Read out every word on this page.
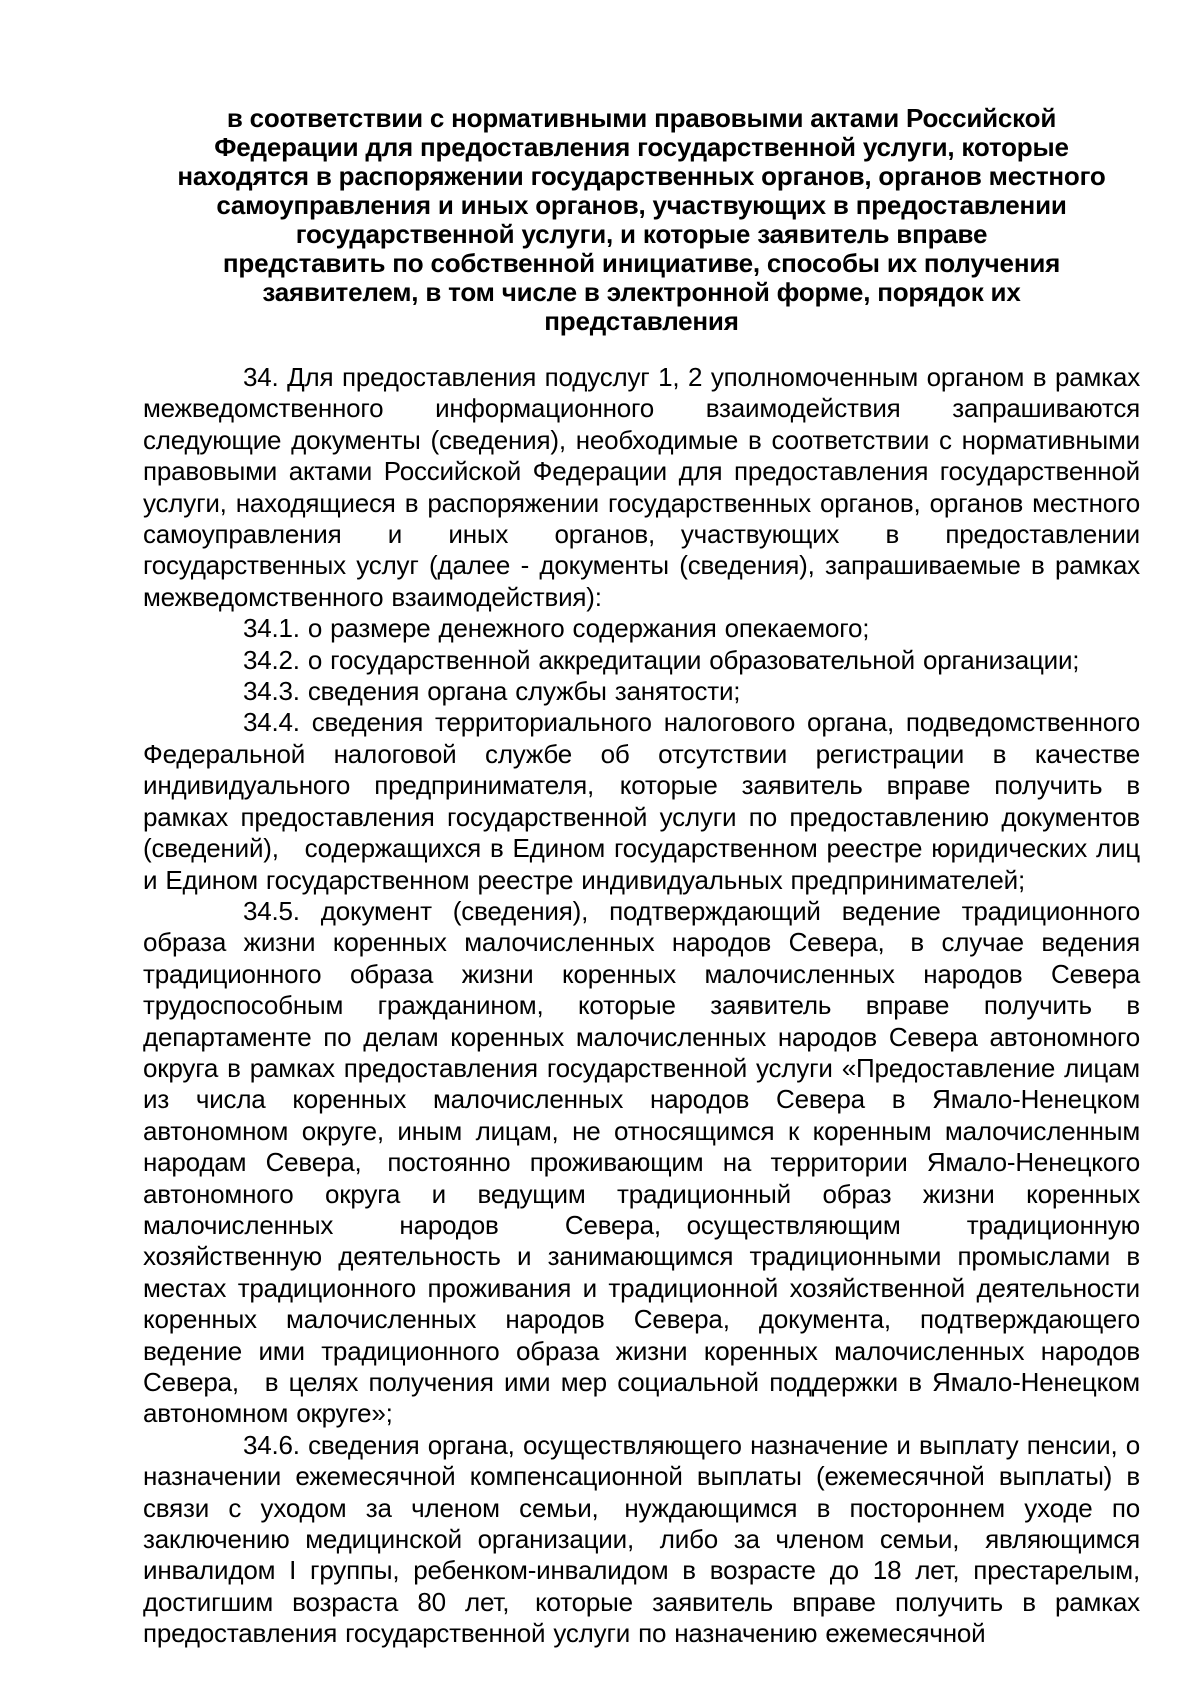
в соответствии с нормативными правовыми актами Российской
Федерации для предоставления государственной услуги, которые
находятся в распоряжении государственных органов, органов местного
самоуправления и иных органов, участвующих в предоставлении
государственной услуги, и которые заявитель вправе
представить по собственной инициативе, способы их получения
заявителем, в том числе в электронной форме, порядок их
представления

34. Для предоставления подуслуг 1, 2 уполномоченным органом в рамках межведомственного информационного взаимодействия запрашиваются следующие документы (сведения), необходимые в соответствии с нормативными правовыми актами Российской Федерации для предоставления государственной услуги, находящиеся в распоряжении государственных органов, органов местного самоуправления и иных органов, участвующих в предоставлении государственных услуг (далее - документы (сведения), запрашиваемые в рамках межведомственного взаимодействия):

34.1. о размере денежного содержания опекаемого;

34.2. о государственной аккредитации образовательной организации;

34.3. сведения органа службы занятости;

34.4. сведения территориального налогового органа, подведомственного Федеральной налоговой службе об отсутствии регистрации в качестве индивидуального предпринимателя, которые заявитель вправе получить в рамках предоставления государственной услуги по предоставлению документов (сведений), содержащихся в Едином государственном реестре юридических лиц и Едином государственном реестре индивидуальных предпринимателей;

34.5. документ (сведения), подтверждающий ведение традиционного образа жизни коренных малочисленных народов Севера, в случае ведения традиционного образа жизни коренных малочисленных народов Севера трудоспособным гражданином, которые заявитель вправе получить в департаменте по делам коренных малочисленных народов Севера автономного округа в рамках предоставления государственной услуги «Предоставление лицам из числа коренных малочисленных народов Севера в Ямало-Ненецком автономном округе, иным лицам, не относящимся к коренным малочисленным народам Севера, постоянно проживающим на территории Ямало-Ненецкого автономного округа и ведущим традиционный образ жизни коренных малочисленных народов Севера, осуществляющим традиционную хозяйственную деятельность и занимающимся традиционными промыслами в местах традиционного проживания и традиционной хозяйственной деятельности коренных малочисленных народов Севера, документа, подтверждающего ведение ими традиционного образа жизни коренных малочисленных народов Севера, в целях получения ими мер социальной поддержки в Ямало-Ненецком автономном округе»;

34.6. сведения органа, осуществляющего назначение и выплату пенсии, о назначении ежемесячной компенсационной выплаты (ежемесячной выплаты) в связи с уходом за членом семьи, нуждающимся в постороннем уходе по заключению медицинской организации, либо за членом семьи, являющимся инвалидом I группы, ребенком-инвалидом в возрасте до 18 лет, престарелым, достигшим возраста 80 лет, которые заявитель вправе получить в рамках предоставления государственной услуги по назначению ежемесячной
